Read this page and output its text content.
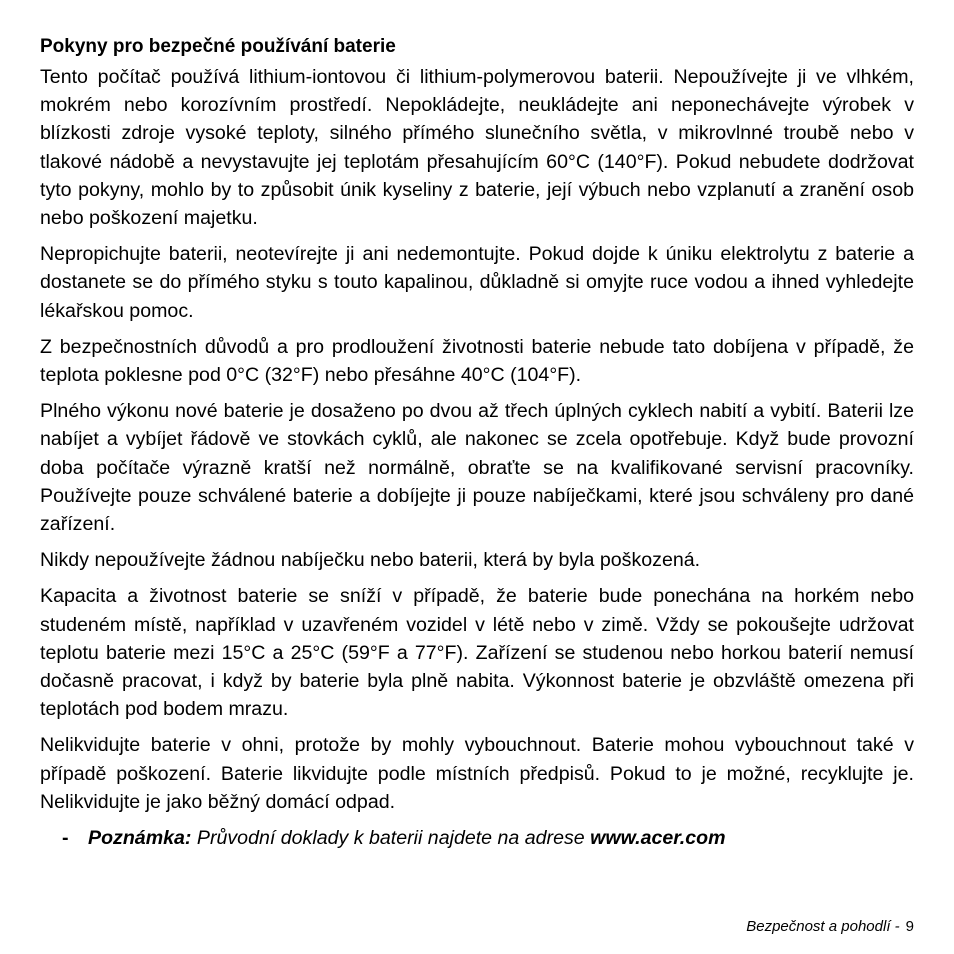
Pokyny pro bezpečné používání baterie

Tento počítač používá lithium-iontovou či lithium-polymerovou baterii. Nepoužívejte ji ve vlhkém, mokrém nebo korozívním prostředí. Nepokládejte, neukládejte ani neponechávejte výrobek v blízkosti zdroje vysoké teploty, silného přímého slunečního světla, v mikrovlnné troubě nebo v tlakové nádobě a nevystavujte jej teplotám přesahujícím 60°C (140°F). Pokud nebudete dodržovat tyto pokyny, mohlo by to způsobit únik kyseliny z baterie, její výbuch nebo vzplanutí a zranění osob nebo poškození majetku.

Nepropichujte baterii, neotevírejte ji ani nedemontujte. Pokud dojde k úniku elektrolytu z baterie a dostanete se do přímého styku s touto kapalinou, důkladně si omyjte ruce vodou a ihned vyhledejte lékařskou pomoc.

Z bezpečnostních důvodů a pro prodloužení životnosti baterie nebude tato dobíjena v případě, že teplota poklesne pod 0°C (32°F) nebo přesáhne 40°C (104°F).

Plného výkonu nové baterie je dosaženo po dvou až třech úplných cyklech nabití a vybití. Baterii lze nabíjet a vybíjet řádově ve stovkách cyklů, ale nakonec se zcela opotřebuje. Když bude provozní doba počítače výrazně kratší než normálně, obraťte se na kvalifikované servisní pracovníky. Používejte pouze schválené baterie a dobíjejte ji pouze nabíječkami, které jsou schváleny pro dané zařízení.

Nikdy nepoužívejte žádnou nabíječku nebo baterii, která by byla poškozená.

Kapacita a životnost baterie se sníží v případě, že baterie bude ponechána na horkém nebo studeném místě, například v uzavřeném vozidel v létě nebo v zimě. Vždy se pokoušejte udržovat teplotu baterie mezi 15°C a 25°C (59°F a 77°F). Zařízení se studenou nebo horkou baterií nemusí dočasně pracovat, i když by baterie byla plně nabita. Výkonnost baterie je obzvláště omezena při teplotách pod bodem mrazu.

Nelikvidujte baterie v ohni, protože by mohly vybouchnout. Baterie mohou vybouchnout také v případě poškození. Baterie likvidujte podle místních předpisů. Pokud to je možné, recyklujte je. Nelikvidujte je jako běžný domácí odpad.

- Poznámka: Průvodní doklady k baterii najdete na adrese www.acer.com

Bezpečnost a pohodlí - 9
